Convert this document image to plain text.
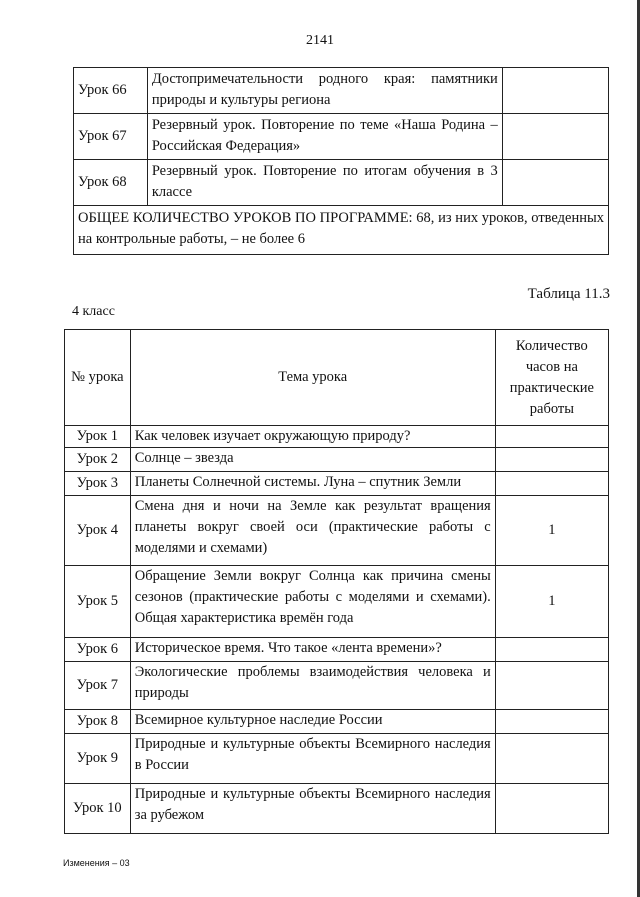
2141
Урок 66	Достопримечательности родного края: памятники природы и культуры региона	
Урок 67	Резервный урок. Повторение по теме «Наша Родина – Российская Федерация»	
Урок 68	Резервный урок. Повторение по итогам обучения в 3 классе	
ОБЩЕЕ КОЛИЧЕСТВО УРОКОВ ПО ПРОГРАММЕ: 68, из них уроков, отведенных на контрольные работы, – не более 6		
Таблица 11.3
4 класс
№ урока	Тема урока	Количество часов на практические работы
Урок 1	Как человек изучает окружающую природу?	
Урок 2	Солнце – звезда	
Урок 3	Планеты Солнечной системы. Луна – спутник Земли	
Урок 4	Смена дня и ночи на Земле как результат вращения планеты вокруг своей оси (практические работы с моделями и схемами)	1
Урок 5	Обращение Земли вокруг Солнца как причина смены сезонов (практические работы с моделями и схемами). Общая характеристика времён года	1
Урок 6	Историческое время. Что такое «лента времени»?	
Урок 7	Экологические проблемы взаимодействия человека и природы	
Урок 8	Всемирное культурное наследие России	
Урок 9	Природные и культурные объекты Всемирного наследия в России	
Урок 10	Природные и культурные объекты Всемирного наследия за рубежом	
Изменения – 03
